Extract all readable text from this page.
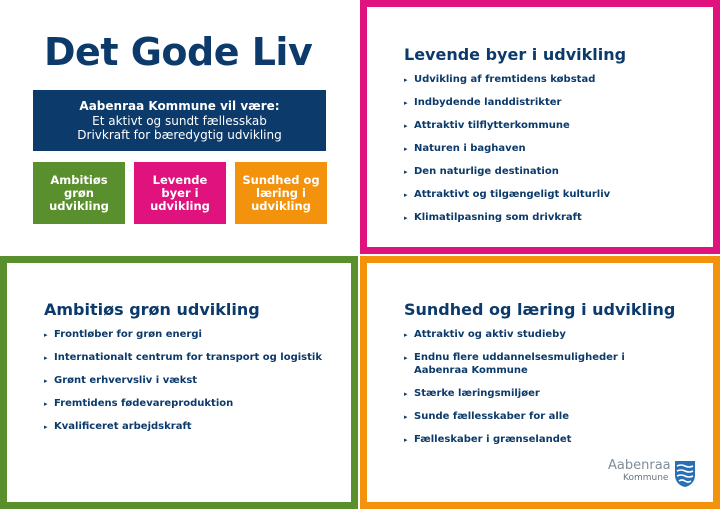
Det Gode Liv
Aabenraa Kommune vil være:
Et aktivt og sundt fællesskab
Drivkraft for bæredygtig udvikling
Ambitiøs grøn udvikling
Levende byer i udvikling
Sundhed og læring i udvikling
Levende byer i udvikling
▸ Udvikling af fremtidens købstad
▸ Indbydende landdistrikter
▸ Attraktiv tilflytterkommune
▸ Naturen i baghaven
▸ Den naturlige destination
▸ Attraktivt og tilgængeligt kulturliv
▸ Klimatilpasning som drivkraft
Ambitiøs grøn udvikling
▸ Frontløber for grøn energi
▸ Internationalt centrum for transport og logistik
▸ Grønt erhvervsliv i vækst
▸ Fremtidens fødevareproduktion
▸ Kvalificeret arbejdskraft
Sundhed og læring i udvikling
▸ Attraktiv og aktiv studieby
▸ Endnu flere uddannelsesmuligheder i Aabenraa Kommune
▸ Stærke læringsmiljøer
▸ Sunde fællesskaber for alle
▸ Fælleskaber i grænselandet
Aabenraa
Kommune
